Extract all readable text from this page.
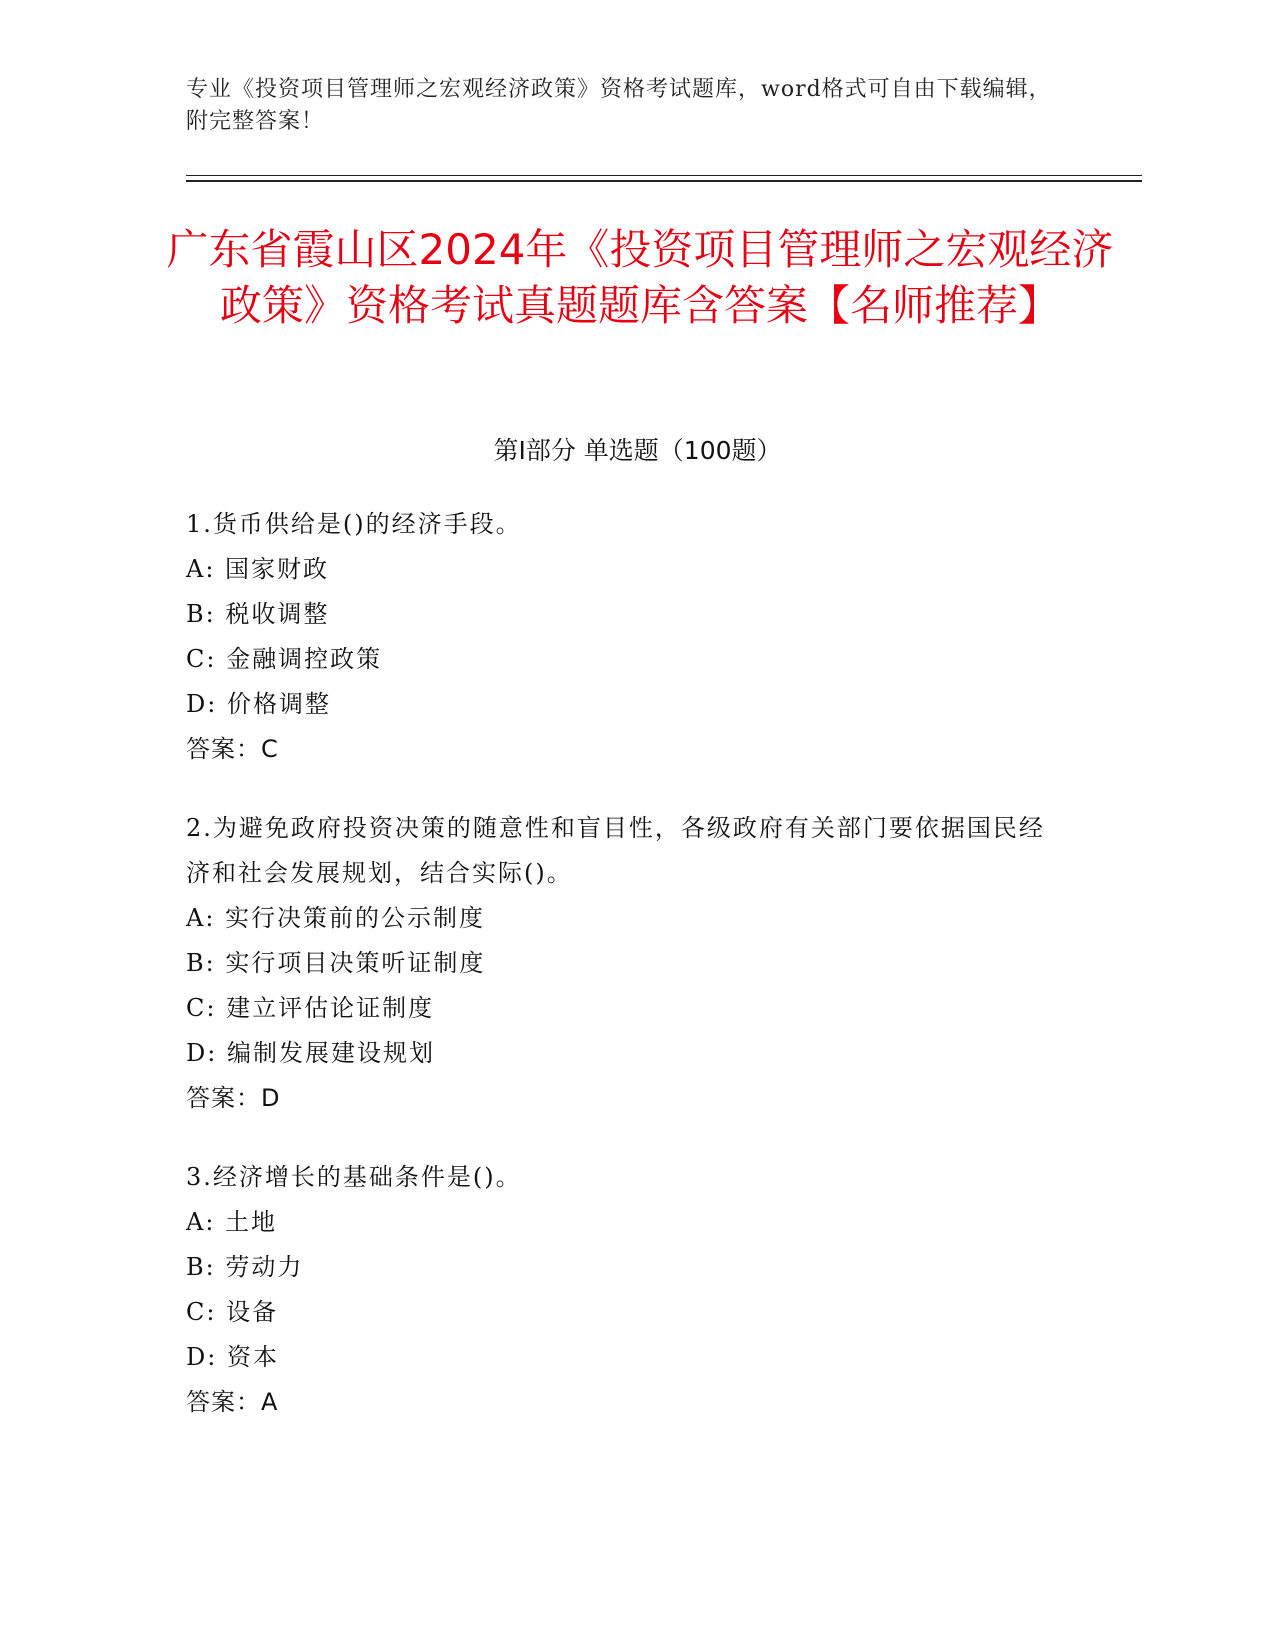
专业《投资项目管理师之宏观经济政策》资格考试题库，word格式可自由下载编辑，附完整答案！
广东省霞山区2024年《投资项目管理师之宏观经济政策》资格考试真题题库含答案【名师推荐】
第I部分 单选题（100题）

1.货币供给是()的经济手段。

A: 国家财政

B: 税收调整

C: 金融调控政策

D: 价格调整

答案：C

2.为避免政府投资决策的随意性和盲目性，各级政府有关部门要依据国民经济和社会发展规划，结合实际()。

A: 实行决策前的公示制度

B: 实行项目决策听证制度

C: 建立评估论证制度

D: 编制发展建设规划

答案：D

3.经济增长的基础条件是()。

A: 土地

B: 劳动力

C: 设备

D: 资本

答案：A
